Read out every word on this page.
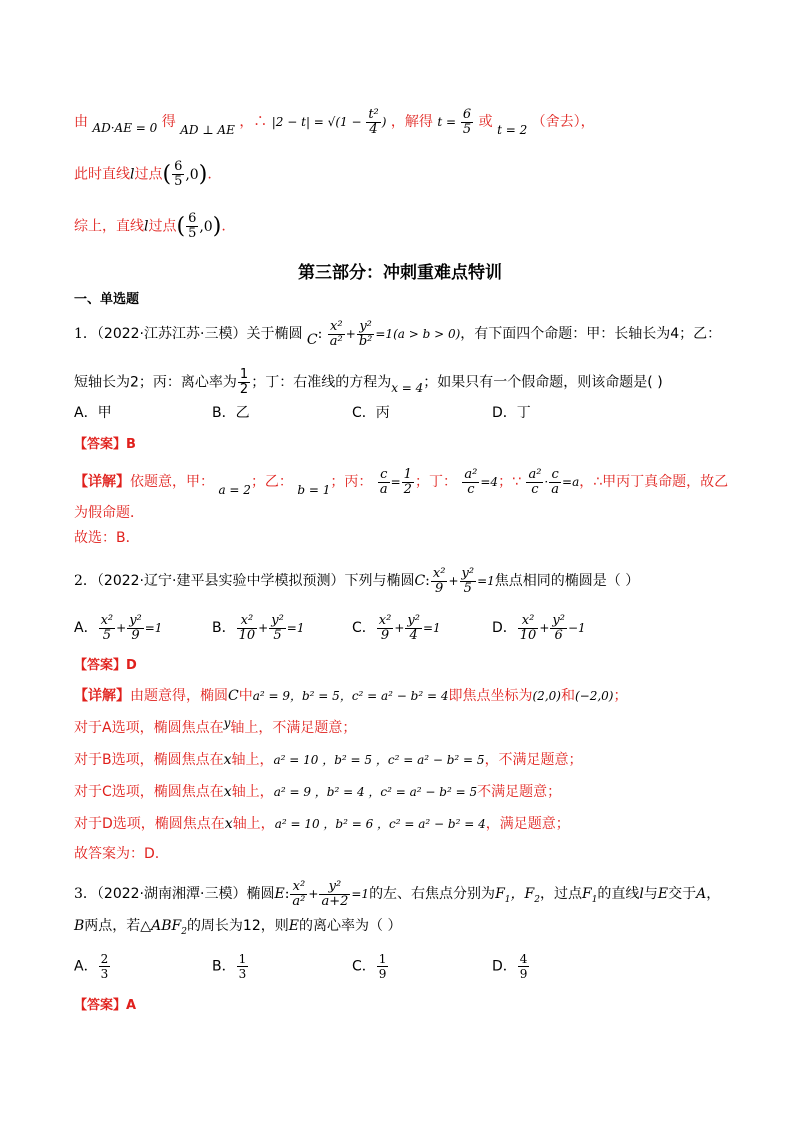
由 AD·AE = 0 得 AD ⊥ AE ，∴ $|2 - t| = √(1 - \frac{\text{t²}}{4}$ ) ，解得 $t = \frac{6}{5}$ 或 t = 2 （舍去），
此时直线l过点( $\frac{6}{5} ,0$).
综上，直线l过点( $\frac{6}{5} ,0$).
第三部分：冲刺重难点特训
一、单选题
1．（2022·江苏江苏·三模）关于椭圆 C: $\frac{\text{x²}}{\text{a²}} + \frac{\text{y²}}{\text{b²}} =1(a > b > 0)$，有下面四个命题：甲：长轴长为4；乙：
短轴长为2；丙：离心率为 $\frac{1}{2}$ ；丁：右准线的方程为x = 4；如果只有一个假命题，则该命题是( )
A．甲	B．乙	C．丙	D．丁
【答案】B
【详解】依题意，甲： a = 2；乙： b = 1；丙： $\frac{c}{a} = \frac{1}{2}$ ；丁： $\frac{\text{a²}}{c} =4$；∵ $\frac{\text{a²}}{c} \cdot \frac{c}{a} =a$，∴甲丙丁真命题，故乙
为假命题．
故选：B．
2．（2022·辽宁·建平县实验中学模拟预测）下列与椭圆C: $\frac{\text{x²}}{9} + \frac{\text{y²}}{5} =1$焦点相同的椭圆是（ ）
A． $\frac{\text{x²}}{5} + \frac{\text{y²}}{9} =1$	B． $\frac{\text{x²}}{10} + \frac{\text{y²}}{5} =1$	C． $\frac{\text{x²}}{9} + \frac{\text{y²}}{4} =1$	D． $\frac{\text{x²}}{10} + \frac{\text{y²}}{6} -1$
【答案】D
【详解】由题意得，椭圆C中a² = 9，b² = 5，c² = a² − b² = 4即焦点坐标为(2,0)和(−2,0)；
对于A选项，椭圆焦点在y轴上，不满足题意；
对于B选项，椭圆焦点在x轴上，a² = 10 ，b² = 5 ，c² = a² − b² = 5，不满足题意；
对于C选项，椭圆焦点在x轴上，a² = 9 ，b² = 4 ，c² = a² − b² = 5不满足题意；
对于D选项，椭圆焦点在x轴上，a² = 10 ，b² = 6 ，c² = a² − b² = 4，满足题意；
故答案为：D.
3．（2022·湖南湘潭·三模）椭圆E: $\frac{\text{x²}}{\text{a²}} + \frac{\text{y²}}{a+2} =1$的左、右焦点分别为$F_1$，$F_2$，过点$F_1$的直线l与E交于A，
B两点，若$\triangle ABF_2$的周长为12，则E的离心率为（ ）
A． $\frac{2}{3}$	B． $\frac{1}{3}$	C． $\frac{1}{9}$	D． $\frac{4}{9}$
【答案】A
